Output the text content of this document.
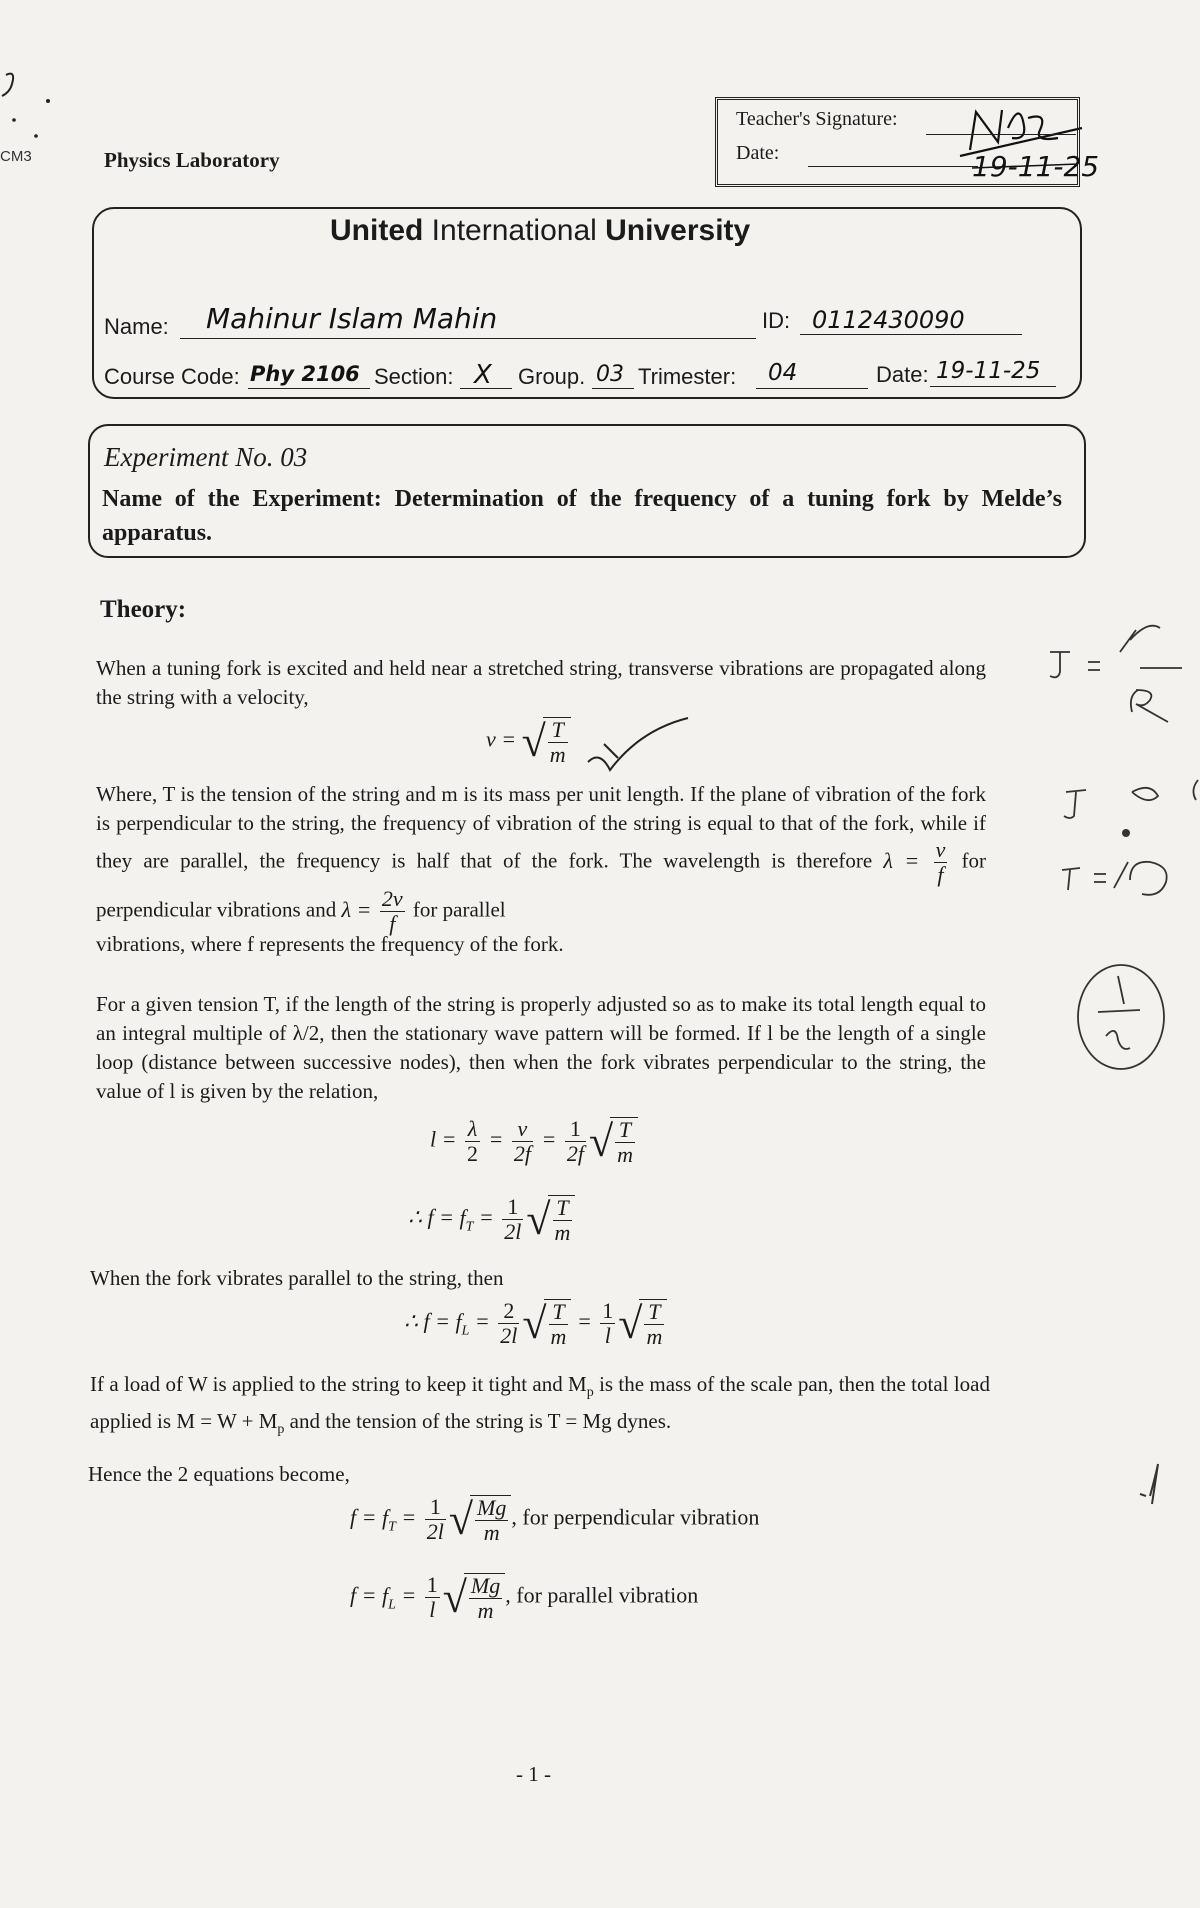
CM3	Physics Laboratory
Teacher's Signature:
Date:	19-11-25
United International University
Name: Mahinur Islam Mahin	ID: 0112430090
Course Code: Phy 2106 Section: X Group. 03 Trimester: 04	Date: 19-11-25
Experiment No. 03
Name of the Experiment: Determination of the frequency of a tuning fork by Melde’s apparatus.
Theory:
When a tuning fork is excited and held near a stretched string, transverse vibrations are propagated along the string with a velocity,
v = √ $\frac{T}{m}$
Where, T is the tension of the string and m is its mass per unit length. If the plane of vibration of the fork is perpendicular to the string, the frequency of vibration of the string is equal to that of the fork, while if they are parallel, the frequency is half that of the fork. The wavelength is therefore $\lambda = \frac{v}{f}$ for perpendicular vibrations and $\lambda = \frac{2v}{f}$ for parallel
vibrations, where f represents the frequency of the fork.
For a given tension T, if the length of the string is properly adjusted so as to make its total length equal to an integral multiple of λ/2, then the stationary wave pattern will be formed. If l be the length of a single loop (distance between successive nodes), then when the fork vibrates perpendicular to the string, the value of l is given by the relation,
$l = \frac{\lambda}{2} = \frac{v}{2f} = \frac{1}{2f}$ √ $\frac{T}{m}$
∴ $f = f_T = \frac{1}{2l}$ √ $\frac{T}{m}$
When the fork vibrates parallel to the string, then
∴ $f = f_L = \frac{2}{2l}$ √ $\frac{T}{m} = \frac{1}{l}$ √ $\frac{T}{m}$
If a load of W is applied to the string to keep it tight and $M_p$ is the mass of the scale pan, then the total load applied is $M = W + M_p$ and the tension of the string is T = Mg dynes.
Hence the 2 equations become,
$f = f_T = \frac{1}{2l}$ √ $\frac{Mg}{m}$ , for perpendicular vibration
$f = f_L = \frac{1}{l}$ √ $\frac{Mg}{m}$ , for parallel vibration
- 1 -
